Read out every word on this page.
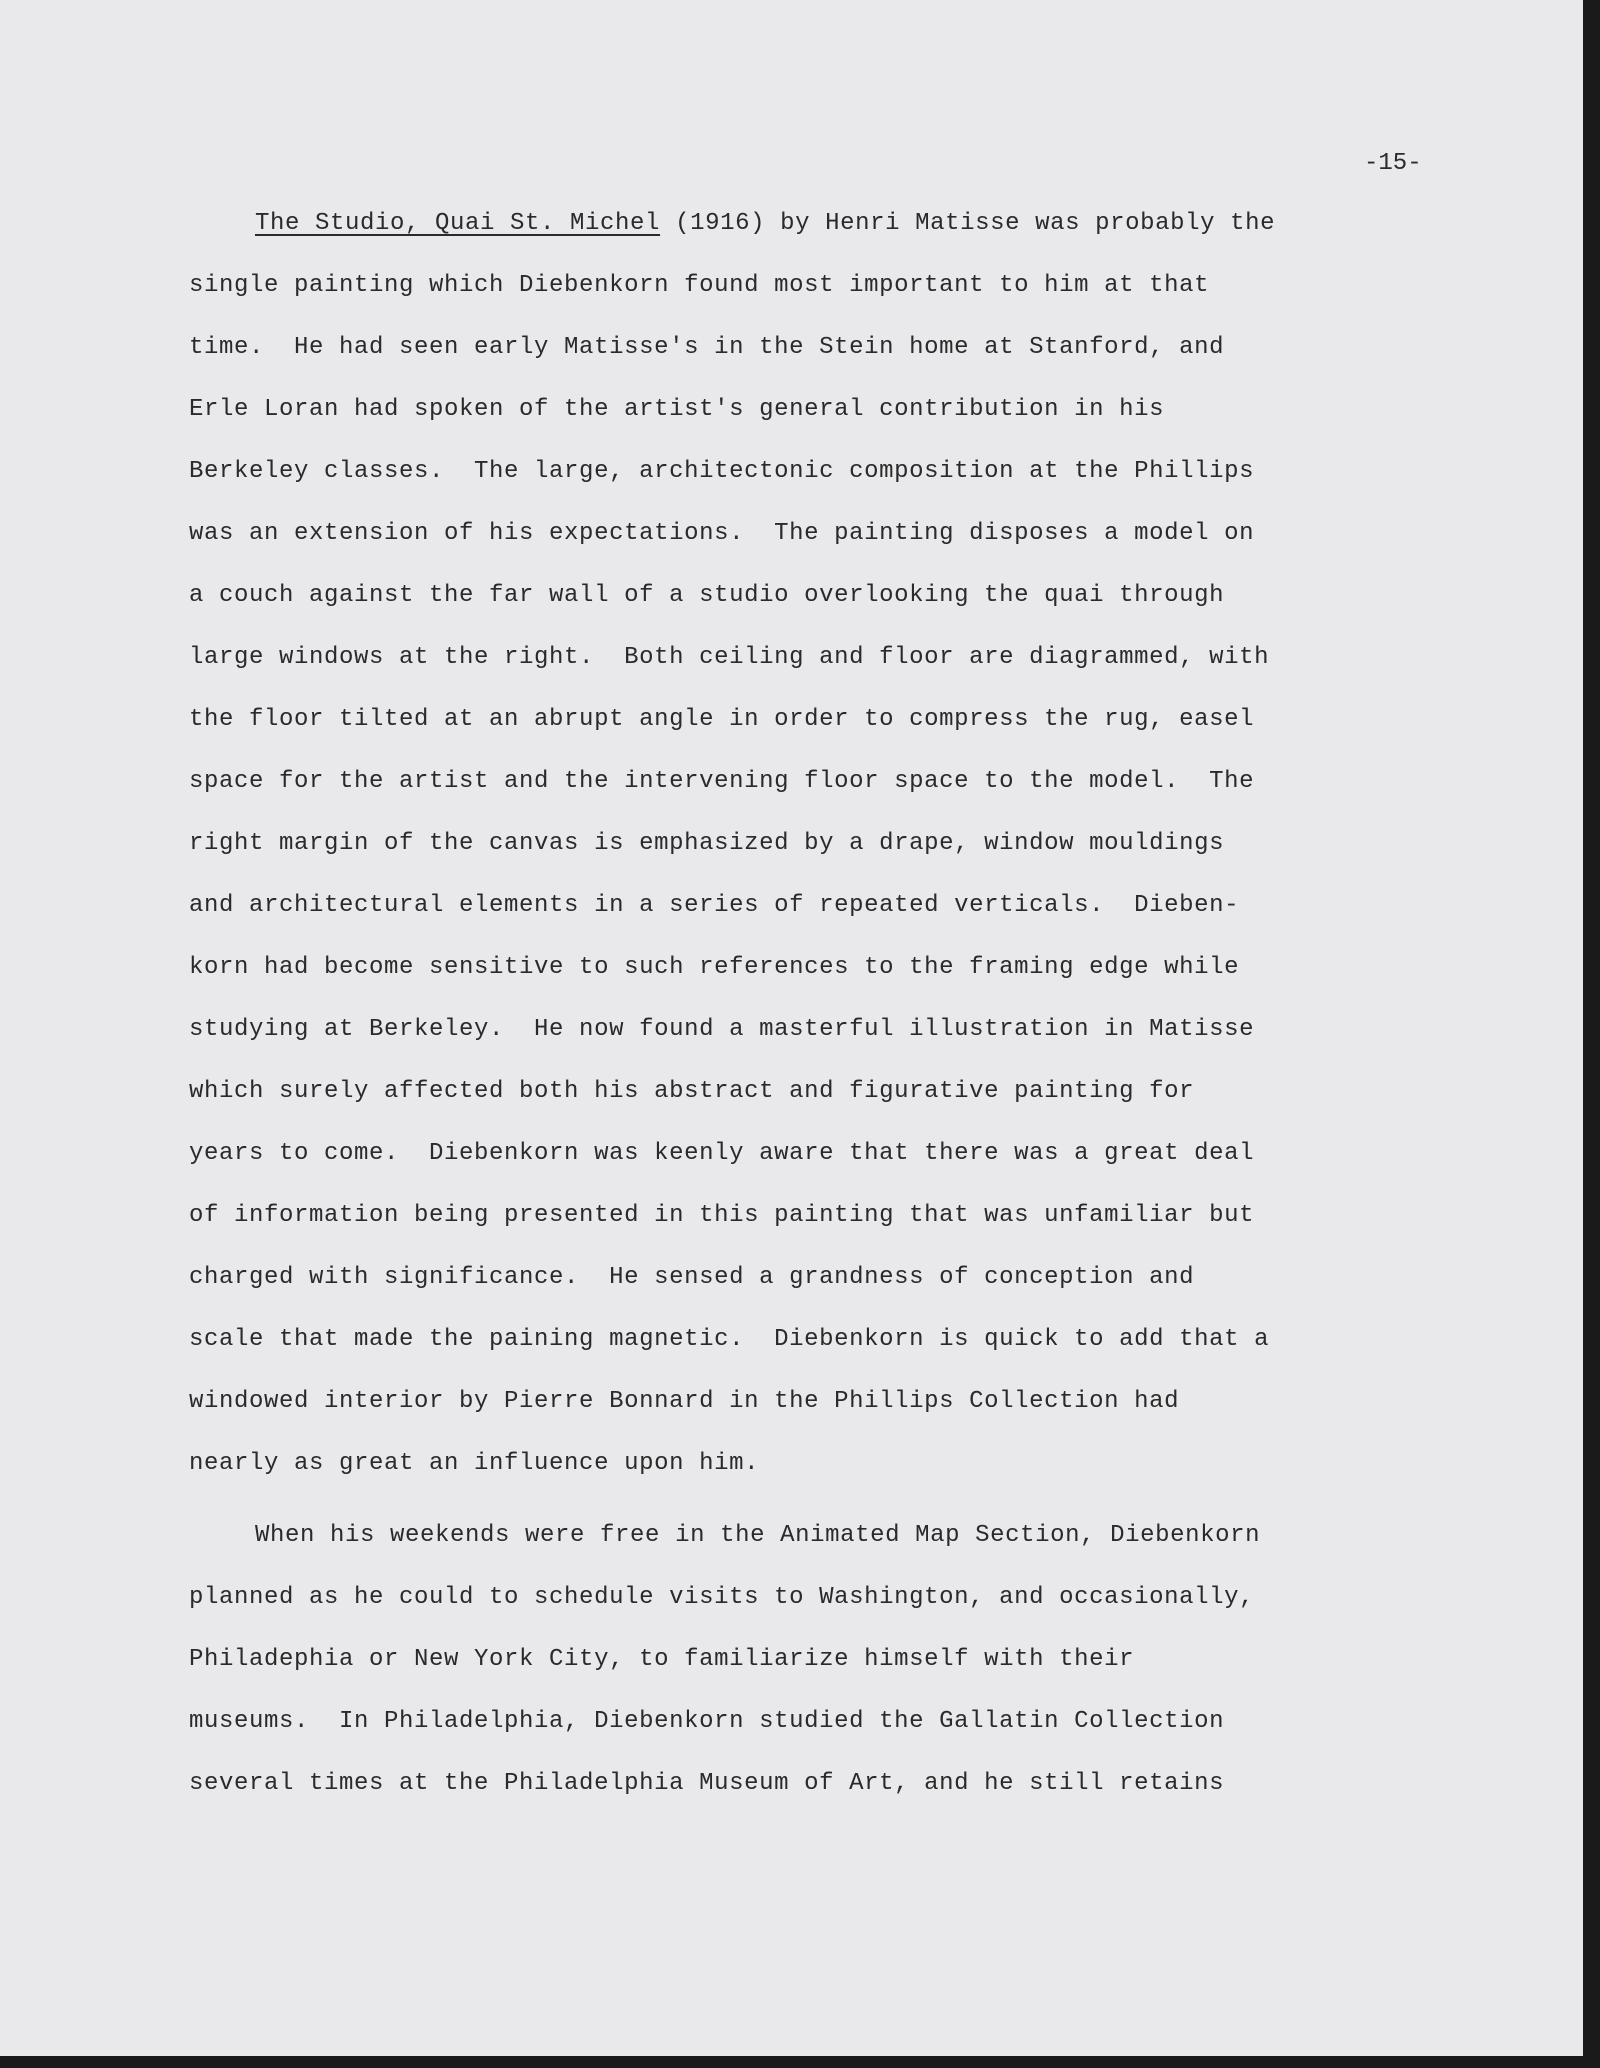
-15-
The Studio, Quai St. Michel (1916) by Henri Matisse was probably the
single painting which Diebenkorn found most important to him at that
time.  He had seen early Matisse's in the Stein home at Stanford, and
Erle Loran had spoken of the artist's general contribution in his
Berkeley classes.  The large, architectonic composition at the Phillips
was an extension of his expectations.  The painting disposes a model on
a couch against the far wall of a studio overlooking the quai through
large windows at the right.  Both ceiling and floor are diagrammed, with
the floor tilted at an abrupt angle in order to compress the rug, easel
space for the artist and the intervening floor space to the model.  The
right margin of the canvas is emphasized by a drape, window mouldings
and architectural elements in a series of repeated verticals.  Dieben-
korn had become sensitive to such references to the framing edge while
studying at Berkeley.  He now found a masterful illustration in Matisse
which surely affected both his abstract and figurative painting for
years to come.  Diebenkorn was keenly aware that there was a great deal
of information being presented in this painting that was unfamiliar but
charged with significance.  He sensed a grandness of conception and
scale that made the paining magnetic.  Diebenkorn is quick to add that a
windowed interior by Pierre Bonnard in the Phillips Collection had
nearly as great an influence upon him.
When his weekends were free in the Animated Map Section, Diebenkorn
planned as he could to schedule visits to Washington, and occasionally,
Philadephia or New York City, to familiarize himself with their
museums.  In Philadelphia, Diebenkorn studied the Gallatin Collection
several times at the Philadelphia Museum of Art, and he still retains
